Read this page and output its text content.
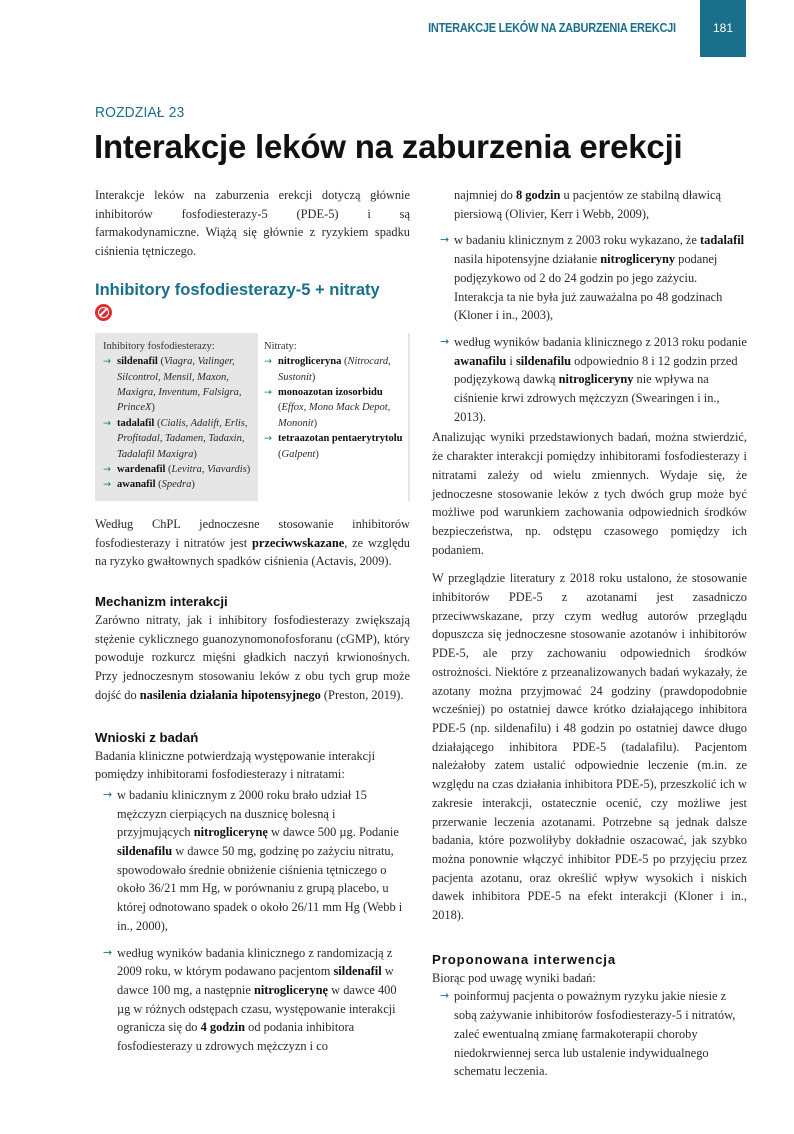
INTERAKCJE LEKÓW NA ZABURZENIA EREKCJI	181
ROZDZIAŁ 23
Interakcje leków na zaburzenia erekcji

Interakcje leków na zaburzenia erekcji dotyczą głównie inhibitorów fosfodiesterazy-5 (PDE-5) i są farmakodynamiczne. Wiążą się głównie z ryzykiem spadku ciśnienia tętniczego.

Inhibitory fosfodiesterazy-5 + nitraty
Inhibitory fosfodiesterazy:
→ sildenafil (Viagra, Valinger, Silcontrol, Mensil, Maxon, Maxigra, Inventum, Falsigra, PrinceX)
→ tadalafil (Cialis, Adalift, Erlis, Profitadal, Tadamen, Tadaxin, Tadalafil Maxigra)
→ wardenafil (Levitra, Viavardis)
→ awanafil (Spedra)
Nitraty:
→ nitrogliceryna (Nitrocard, Sustonit)
→ monoazotan izosorbidu (Effox, Mono Mack Depot, Mononit)
→ tetraazotan pentaerytrytolu (Galpent)

Według ChPL jednoczesne stosowanie inhibitorów fosfodiesterazy i nitratów jest przeciwwskazane, ze względu na ryzyko gwałtownych spadków ciśnienia (Actavis, 2009).

Mechanizm interakcji

Zarówno nitraty, jak i inhibitory fosfodiesterazy zwiększają stężenie cyklicznego guanozynomonofosforanu (cGMP), który powoduje rozkurcz mięśni gładkich naczyń krwionośnych. Przy jednoczesnym stosowaniu leków z obu tych grup może dojść do nasilenia działania hipotensyjnego (Preston, 2019).

Wnioski z badań

Badania kliniczne potwierdzają występowanie interakcji pomiędzy inhibitorami fosfodiesterazy i nitratami:

→ w badaniu klinicznym z 2000 roku brało udział 15 mężczyzn cierpiących na dusznicę bolesną i przyjmujących nitroglicerynę w dawce 500 µg. Podanie sildenafilu w dawce 50 mg, godzinę po zażyciu nitratu, spowodowało średnie obniżenie ciśnienia tętniczego o około 36/21 mm Hg, w porównaniu z grupą placebo, u której odnotowano spadek o około 26/11 mm Hg (Webb i in., 2000),
→ według wyników badania klinicznego z randomizacją z 2009 roku, w którym podawano pacjentom sildenafil w dawce 100 mg, a następnie nitroglicerynę w dawce 400 µg w różnych odstępach czasu, występowanie interakcji ogranicza się do 4 godzin od podania inhibitora fosfodiesterazy u zdrowych mężczyzn i co
najmniej do 8 godzin u pacjentów ze stabilną dławicą piersiową (Olivier, Kerr i Webb, 2009),
→ w badaniu klinicznym z 2003 roku wykazano, że tadalafil nasila hipotensyjne działanie nitrogliceryny podanej podjęzykowo od 2 do 24 godzin po jego zażyciu. Interakcja ta nie była już zauważalna po 48 godzinach (Kloner i in., 2003),
→ według wyników badania klinicznego z 2013 roku podanie awanafilu i sildenafilu odpowiednio 8 i 12 godzin przed podjęzykową dawką nitrogliceryny nie wpływa na ciśnienie krwi zdrowych mężczyzn (Swearingen i in., 2013).

Analizując wyniki przedstawionych badań, można stwierdzić, że charakter interakcji pomiędzy inhibitorami fosfodiesterazy i nitratami zależy od wielu zmiennych. Wydaje się, że jednoczesne stosowanie leków z tych dwóch grup może być możliwe pod warunkiem zachowania odpowiednich środków bezpieczeństwa, np. odstępu czasowego pomiędzy ich podaniem.

W przeglądzie literatury z 2018 roku ustalono, że stosowanie inhibitorów PDE-5 z azotanami jest zasadniczo przeciwwskazane, przy czym według autorów przeglądu dopuszcza się jednoczesne stosowanie azotanów i inhibitorów PDE-5, ale przy zachowaniu odpowiednich środków ostrożności. Niektóre z przeanalizowanych badań wykazały, że azotany można przyjmować 24 godziny (prawdopodobnie wcześniej) po ostatniej dawce krótko działającego inhibitora PDE-5 (np. sildenafilu) i 48 godzin po ostatniej dawce długo działającego inhibitora PDE-5 (tadalafilu). Pacjentom należałoby zatem ustalić odpowiednie leczenie (m.in. ze względu na czas działania inhibitora PDE-5), przeszkolić ich w zakresie interakcji, ostatecznie ocenić, czy możliwe jest przerwanie leczenia azotanami. Potrzebne są jednak dalsze badania, które pozwoliłyby dokładnie oszacować, jak szybko można ponownie włączyć inhibitor PDE-5 po przyjęciu przez pacjenta azotanu, oraz określić wpływ wysokich i niskich dawek inhibitora PDE-5 na efekt interakcji (Kloner i in., 2018).

Proponowana interwencja

Biorąc pod uwagę wyniki badań:

→ poinformuj pacjenta o poważnym ryzyku jakie niesie z sobą zażywanie inhibitorów fosfodiesterazy-5 i nitratów, zaleć ewentualną zmianę farmakoterapii choroby niedokrwiennej serca lub ustalenie indywidualnego schematu leczenia.
